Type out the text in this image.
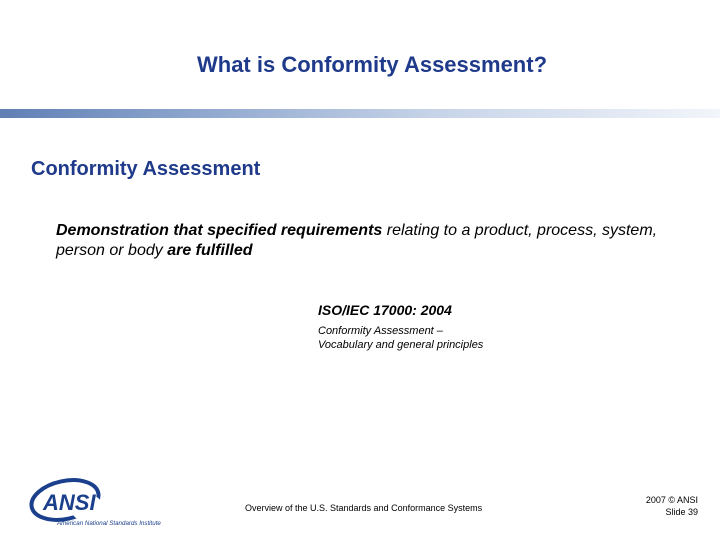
What is Conformity Assessment?
Conformity Assessment

Demonstration that specified requirements relating to a product, process, system, person or body are fulfilled

ISO/IEC 17000: 2004
Conformity Assessment –
Vocabulary and general principles
ANSI
American National Standards Institute
Overview of the U.S. Standards and Conformance Systems
2007 © ANSI
Slide 39
